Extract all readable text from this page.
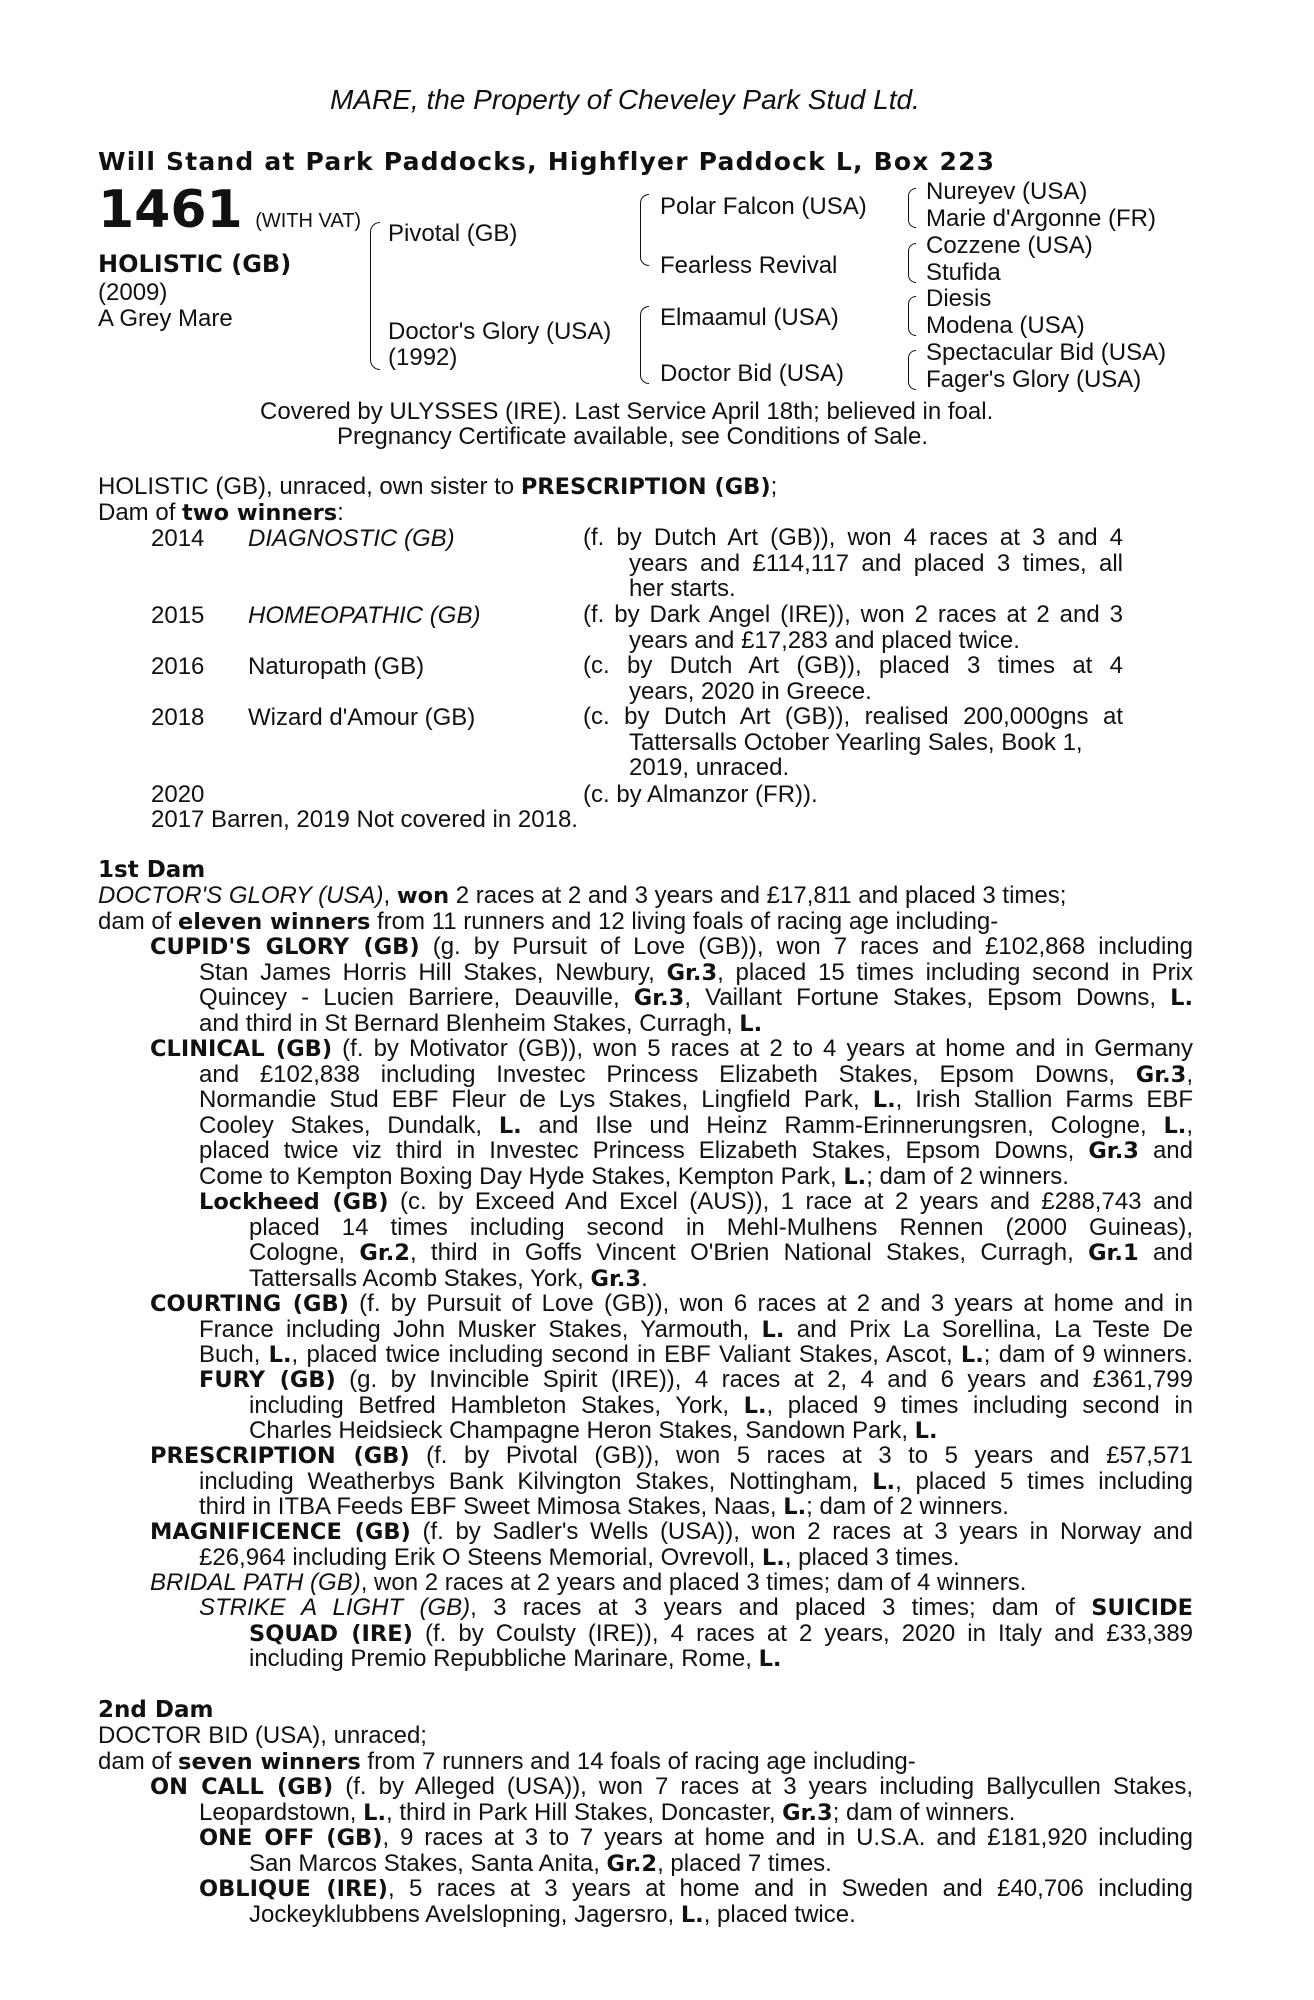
MARE, the Property of Cheveley Park Stud Ltd.
Will Stand at Park Paddocks, Highflyer Paddock L, Box 223
1461 (WITH VAT)
HOLISTIC (GB)
(2009)
A Grey Mare
Pivotal (GB)
Doctor's Glory (USA)
(1992)
Polar Falcon (USA)
Fearless Revival
Elmaamul (USA)
Doctor Bid (USA)
Nureyev (USA)
Marie d'Argonne (FR)
Cozzene (USA)
Stufida
Diesis
Modena (USA)
Spectacular Bid (USA)
Fager's Glory (USA)
Covered by ULYSSES (IRE). Last Service April 18th; believed in foal.
Pregnancy Certificate available, see Conditions of Sale.
HOLISTIC (GB), unraced, own sister to PRESCRIPTION (GB);
Dam of two winners:
2014 DIAGNOSTIC (GB)	(f. by Dutch Art (GB)), won 4 races at 3 and 4
years and £114,117 and placed 3 times, all
her starts.
2015 HOMEOPATHIC (GB)	(f. by Dark Angel (IRE)), won 2 races at 2 and 3
years and £17,283 and placed twice.
2016 Naturopath (GB)	(c. by Dutch Art (GB)), placed 3 times at 4
years, 2020 in Greece.
2018 Wizard d'Amour (GB)	(c. by Dutch Art (GB)), realised 200,000gns at
Tattersalls October Yearling Sales, Book 1,
2019, unraced.
2020	(c. by Almanzor (FR)).
2017 Barren, 2019 Not covered in 2018.
1st Dam
DOCTOR'S GLORY (USA), won 2 races at 2 and 3 years and £17,811 and placed 3 times;
dam of eleven winners from 11 runners and 12 living foals of racing age including-
CUPID'S GLORY (GB) (g. by Pursuit of Love (GB)), won 7 races and £102,868 including
Stan James Horris Hill Stakes, Newbury, Gr.3, placed 15 times including second in Prix
Quincey - Lucien Barriere, Deauville, Gr.3, Vaillant Fortune Stakes, Epsom Downs, L.
and third in St Bernard Blenheim Stakes, Curragh, L.
CLINICAL (GB) (f. by Motivator (GB)), won 5 races at 2 to 4 years at home and in Germany
and £102,838 including Investec Princess Elizabeth Stakes, Epsom Downs, Gr.3,
Normandie Stud EBF Fleur de Lys Stakes, Lingfield Park, L., Irish Stallion Farms EBF
Cooley Stakes, Dundalk, L. and Ilse und Heinz Ramm-Erinnerungsren, Cologne, L.,
placed twice viz third in Investec Princess Elizabeth Stakes, Epsom Downs, Gr.3 and
Come to Kempton Boxing Day Hyde Stakes, Kempton Park, L.; dam of 2 winners.
Lockheed (GB) (c. by Exceed And Excel (AUS)), 1 race at 2 years and £288,743 and
placed 14 times including second in Mehl-Mulhens Rennen (2000 Guineas),
Cologne, Gr.2, third in Goffs Vincent O'Brien National Stakes, Curragh, Gr.1 and
Tattersalls Acomb Stakes, York, Gr.3.
COURTING (GB) (f. by Pursuit of Love (GB)), won 6 races at 2 and 3 years at home and in
France including John Musker Stakes, Yarmouth, L. and Prix La Sorellina, La Teste De
Buch, L., placed twice including second in EBF Valiant Stakes, Ascot, L.; dam of 9 winners.
FURY (GB) (g. by Invincible Spirit (IRE)), 4 races at 2, 4 and 6 years and £361,799
including Betfred Hambleton Stakes, York, L., placed 9 times including second in
Charles Heidsieck Champagne Heron Stakes, Sandown Park, L.
PRESCRIPTION (GB) (f. by Pivotal (GB)), won 5 races at 3 to 5 years and £57,571
including Weatherbys Bank Kilvington Stakes, Nottingham, L., placed 5 times including
third in ITBA Feeds EBF Sweet Mimosa Stakes, Naas, L.; dam of 2 winners.
MAGNIFICENCE (GB) (f. by Sadler's Wells (USA)), won 2 races at 3 years in Norway and
£26,964 including Erik O Steens Memorial, Ovrevoll, L., placed 3 times.
BRIDAL PATH (GB), won 2 races at 2 years and placed 3 times; dam of 4 winners.
STRIKE A LIGHT (GB), 3 races at 3 years and placed 3 times; dam of SUICIDE
SQUAD (IRE) (f. by Coulsty (IRE)), 4 races at 2 years, 2020 in Italy and £33,389
including Premio Repubbliche Marinare, Rome, L.
2nd Dam
DOCTOR BID (USA), unraced;
dam of seven winners from 7 runners and 14 foals of racing age including-
ON CALL (GB) (f. by Alleged (USA)), won 7 races at 3 years including Ballycullen Stakes,
Leopardstown, L., third in Park Hill Stakes, Doncaster, Gr.3; dam of winners.
ONE OFF (GB), 9 races at 3 to 7 years at home and in U.S.A. and £181,920 including
San Marcos Stakes, Santa Anita, Gr.2, placed 7 times.
OBLIQUE (IRE), 5 races at 3 years at home and in Sweden and £40,706 including
Jockeyklubbens Avelslopning, Jagersro, L., placed twice.
